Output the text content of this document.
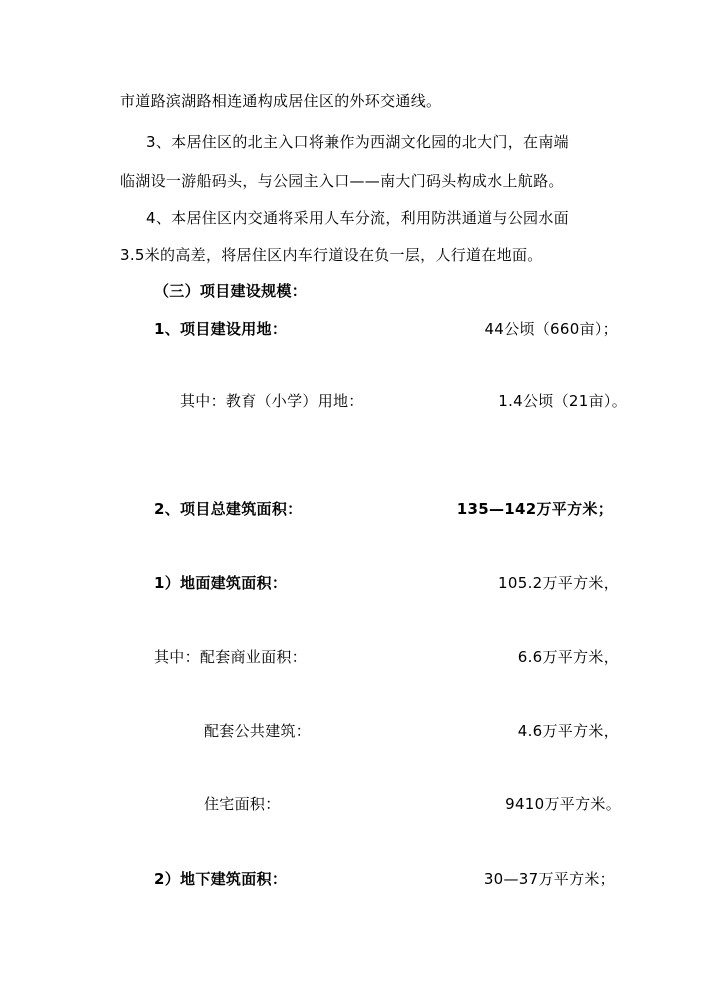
市道路滨湖路相连通构成居住区的外环交通线。
3、本居住区的北主入口将兼作为西湖文化园的北大门，在南端
临湖设一游船码头，与公园主入口——南大门码头构成水上航路。
4、本居住区内交通将采用人车分流，利用防洪通道与公园水面
3.5米的高差，将居住区内车行道设在负一层，人行道在地面。
（三）项目建设规模：
1、项目建设用地：	44公顷（660亩）；
其中：教育（小学）用地：	1.4公顷（21亩）。
2、项目总建筑面积：	135—142万平方米；
1）地面建筑面积：	105.2万平方米，
其中：配套商业面积：	6.6万平方米，
配套公共建筑：	4.6万平方米，
住宅面积：	9410万平方米。
2）地下建筑面积：	30—37万平方米；
